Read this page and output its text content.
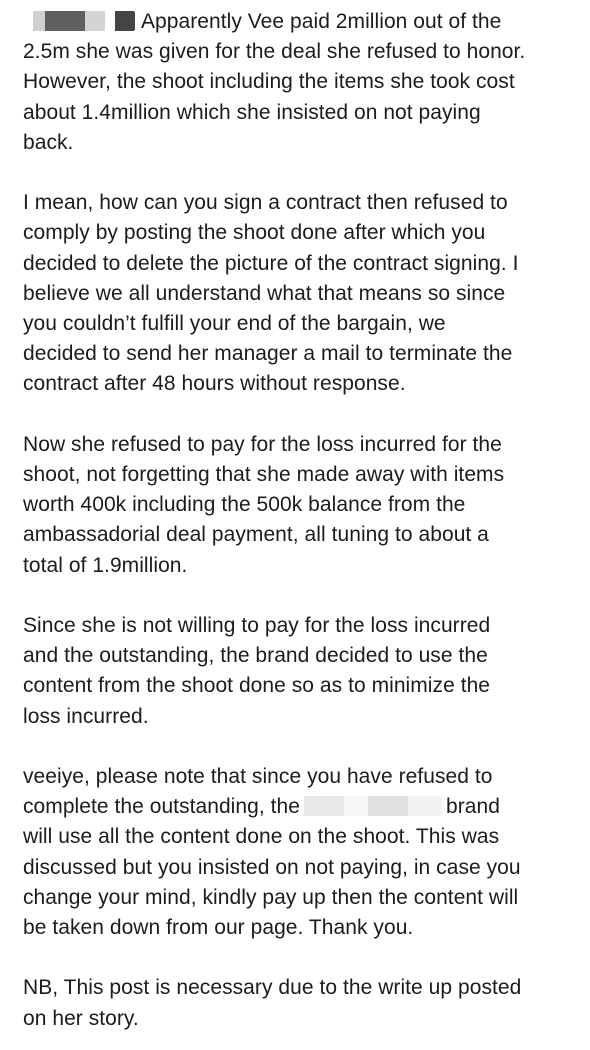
Apparently Vee paid 2million out of the
2.5m she was given for the deal she refused to honor.
However, the shoot including the items she took cost
about 1.4million which she insisted on not paying
back.

I mean, how can you sign a contract then refused to
comply by posting the shoot done after which you
decided to delete the picture of the contract signing. I
believe we all understand what that means so since
you couldn’t fulfill your end of the bargain, we
decided to send her manager a mail to terminate the
contract after 48 hours without response.

Now she refused to pay for the loss incurred for the
shoot, not forgetting that she made away with items
worth 400k including the 500k balance from the
ambassadorial deal payment, all tuning to about a
total of 1.9million.

Since she is not willing to pay for the loss incurred
and the outstanding, the brand decided to use the
content from the shoot done so as to minimize the
loss incurred.

veeiye, please note that since you have refused to
complete the outstanding, the	brand
will use all the content done on the shoot. This was
discussed but you insisted on not paying, in case you
change your mind, kindly pay up then the content will
be taken down from our page. Thank you.

NB, This post is necessary due to the write up posted
on her story.
